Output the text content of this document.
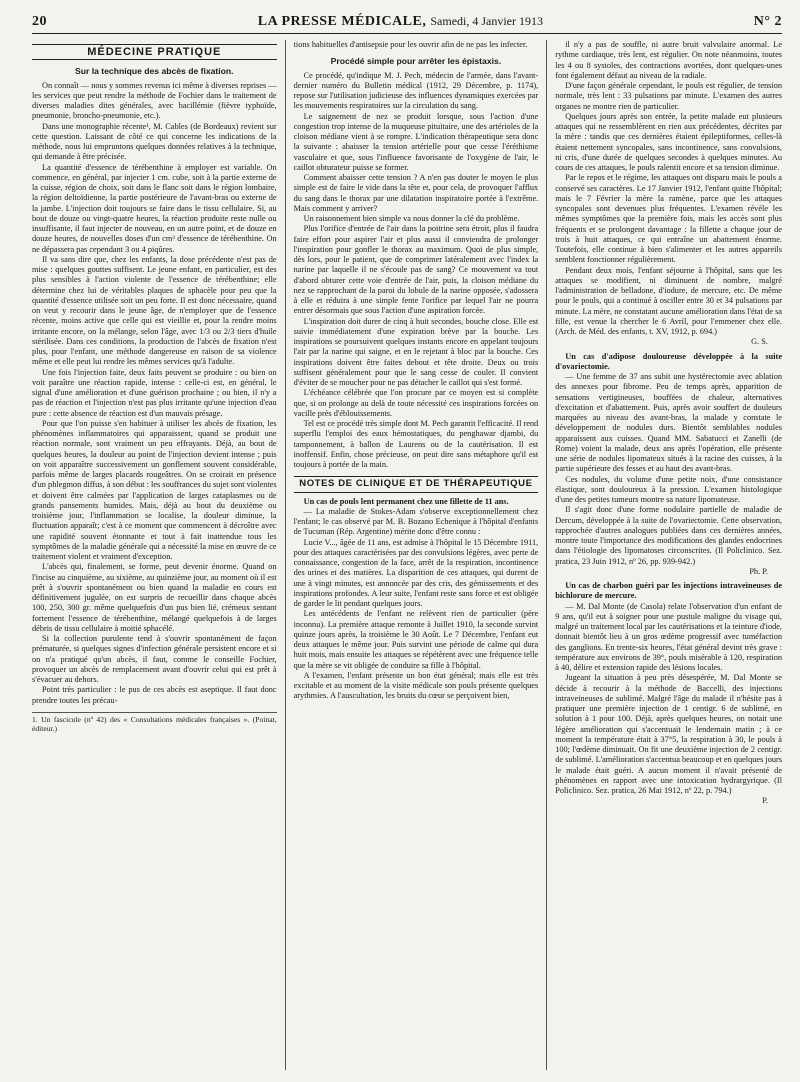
20	LA PRESSE MÉDICALE, Samedi, 4 Janvier 1913	N° 2
MÉDECINE PRATIQUE
Sur la technique des abcès de fixation.

On connaît — nous y sommes revenus ici même à diverses reprises — les services que peut rendre la méthode de Fochier dans le traitement de diverses maladies dites générales, avec bacillémie (fièvre typhoïde, pneumonie, broncho-pneumonie, etc.).

Dans une monographie récente¹, M. Cables (de Bordeaux) revient sur cette question. Laissant de côté ce qui concerne les indications de la méthode, nous lui empruntons quelques données relatives à la technique, qui demande à être précisée.

La quantité d'essence de térébenthine à employer est variable. On commence, en général, par injecter 1 cm. cube, soit à la partie externe de la cuisse, région de choix, soit dans le flanc soit dans le région lombaire, la région deltoïdienne, la partie postérieure de l'avant-bras ou externe de la jambe. L'injection doit toujours se faire dans le tissu cellulaire. Si, au bout de douze ou vingt-quatre heures, la réaction produite reste nulle ou insuffisante, il faut injecter de nouveau, en un autre point, et de douze en douze heures, de nouvelles doses d'un cm³ d'essence de térébenthine. On ne dépassera pas cependant 3 ou 4 piqûres.

Il va sans dire que, chez les enfants, la dose précédente n'est pas de mise : quelques gouttes suffisent. Le jeune enfant, en particulier, est des plus sensibles à l'action violente de l'essence de térébenthine; elle détermine chez lui de véritables plaques de sphacèle pour peu que la quantité d'essence utilisée soit un peu forte. Il est donc nécessaire, quand on veut y recourir dans le jeune âge, de n'employer que de l'essence récente, moins active que celle qui est vieillie et, pour la rendre moins irritante encore, on la mélange, selon l'âge, avec 1/3 ou 2/3 tiers d'huile stérilisée. Dans ces conditions, la production de l'abcès de fixation n'est plus, pour l'enfant, une méthode dangereuse en raison de sa violence même et elle peut lui rendre les mêmes services qu'à l'adulte.

Une fois l'injection faite, deux faits peuvent se produire : ou bien on voit paraître une réaction rapide, intense : celle-ci est, en général, le signal d'une amélioration et d'une guérison prochaine ; ou bien, il n'y a pas de réaction et l'injection n'est pas plus irritante qu'une injection d'eau pure : cette absence de réaction est d'un mauvais présage.

Pour que l'on puisse s'en habituer à utiliser les abcès de fixation, les phénomènes inflammatoires qui apparaissent, quand se produit une réaction normale, sont vraiment un peu effrayants. Déjà, au bout de quelques heures, la douleur au point de l'injection devient intense ; puis on voit apparaître successivement un gonflement souvent considérable, parfois même de larges placards rougeâtres. On se croirait en présence d'un phlegmon diffus, à son début : les souffrances du sujet sont violentes et doivent être calmées par l'application de larges cataplasmes ou de grands pansements humides. Mais, déjà au bout du deuxième ou troisième jour, l'inflammation se localise, la douleur diminue, la fluctuation apparaît; c'est à ce moment que commencent à décroître avec une rapidité souvent étonnante et tout à fait inattendue tous les symptômes de la maladie générale qui a nécessité la mise en œuvre de ce traitement violent et vraiment d'exception.

L'abcès qui, finalement, se forme, peut devenir énorme. Quand on l'incise au cinquième, au sixième, au quinzième jour, au moment où il est prêt à s'ouvrir spontanément ou bien quand la maladie en cours est définitivement jugulée, on est surpris de recueillir dans chaque abcès 100, 250, 300 gr. même quelquefois d'un pus bien lié, crémeux sentant fortement l'essence de térébenthine, mélangé quelquefois à de larges débris de tissu cellulaire à moitié sphacélé.

Si la collection purulente tend à s'ouvrir spontanément de façon prématurée, si quelques signes d'infection générale persistent encore et si on n'a pratiqué qu'un abcès, il faut, comme le conseille Fochier, provoquer un abcès de remplacement avant d'ouvrir celui qui est prêt à s'évacuer au dehors.

Point très particulier : le pus de ces abcès est aseptique. Il faut donc prendre toutes les précau-

1. Un fascicule (nº 42) des « Consultations médicales françaises ». (Poinat, éditeur.)

tions habituelles d'antisepsie pour les ouvrir afin de ne pas les infecter.

Procédé simple pour arrêter les épistaxis.

Ce procédé, qu'indique M. J. Pech, médecin de l'armée, dans l'avant-dernier numéro du Bulletin médical (1912, 29 Décembre, p. 1174), repose sur l'utilisation judicieuse des influences dynamiques exercées par les mouvements respiratoires sur la circulation du sang.

Le saignement de nez se produit lorsque, sous l'action d'une congestion trop intense de la muqueuse pituitaire, une des artérioles de la cloison médiane vient à se rompre. L'indication thérapeutique sera donc la suivante : abaisser la tension artérielle pour que cesse l'éréthisme vasculaire et que, sous l'influence favorisante de l'oxygène de l'air, le caillot obturateur puisse se former.

Comment abaisser cette tension ? A n'en pas douter le moyen le plus simple est de faire le vide dans la tête et, pour cela, de provoquer l'afflux du sang dans le thorax par une dilatation inspiratoire portée à l'extrême. Mais comment y arriver?

Un raisonnement bien simple va nous donner la clé du problème.

Plus l'orifice d'entrée de l'air dans la poitrine sera étroit, plus il faudra faire effort pour aspirer l'air et plus aussi il conviendra de prolonger l'inspiration pour gonfler le thorax au maximum. Quoi de plus simple, dès lors, pour le patient, que de comprimer latéralement avec l'index la narine par laquelle il ne s'écoule pas de sang? Ce mouvement va tout d'abord obturer cette voie d'entrée de l'air, puis, la cloison médiane du nez se rapprochant de la paroi du lobule de la narine opposée, s'adossera à elle et réduira à une simple fente l'orifice par lequel l'air ne pourra entrer désormais que sous l'action d'une aspiration forcée.

L'inspiration doit durer de cinq à huit secondes, bouche close. Elle est suivie immédiatement d'une expiration brève par la bouche. Les inspirations se poursuivent quelques instants encore en appelant toujours l'air par la narine qui saigne, et en le rejetant à bloc par la bouche. Ces inspirations doivent être faites debout et tête droite. Deux ou trois suffisent généralement pour que le sang cesse de couler. Il convient d'éviter de se moucher pour ne pas détacher le caillot qui s'est formé.

L'échéance célébrée que l'on procure par ce moyen est si complète que, si on prolonge au delà de toute nécessité ces inspirations forcées on vacille près d'éblouissements.

Tel est ce procédé très simple dont M. Pech garantit l'efficacité. Il rend superflu l'emploi des eaux hémostatiques, du penghawar djambi, du tamponnement, à ballon de Laurens ou de la cautérisation. Il est inoffensif. Enfin, chose précieuse, on peut dire sans métaphore qu'il est toujours à portée de la main.

NOTES DE CLINIQUE ET DE THÉRAPEUTIQUE

Un cas de pouls lent permanent chez une fillette de 11 ans.

— La maladie de Stokes-Adam s'observe exceptionnellement chez l'enfant; le cas observé par M. B. Bozano Echenique à l'hôpital d'enfants de Tucuman (Rép. Argentine) mérite donc d'être connu :

Lucie V..., âgée de 11 ans, est admise à l'hôpital le 15 Décembre 1911, pour des attaques caractérisées par des convulsions légères, avec perte de connaissance, congestion de la face, arrêt de la respiration, incontinence des urines et des matières. La disparition de ces attaques, qui durent de une à vingt minutes, est annoncée par des cris, des gémissements et des inspirations profondes. A leur suite, l'enfant reste sans force et est obligée de garder le lit pendant quelques jours.

Les antécédents de l'enfant ne relèvent rien de particulier (père inconnu). La première attaque remonte à Juillet 1910, la seconde survint quinze jours après, la troisième le 30 Août. Le 7 Décembre, l'enfant eut deux attaques le même jour. Puis survint une période de calme qui dura huit mois, mais ensuite les attaques se répétèrent avec une fréquence telle que la mère se vit obligée de conduire sa fille à l'hôpital.

A l'examen, l'enfant présente un bon état général; mais elle est très excitable et au moment de la visite médicale son pouls présente quelques arythmies. A l'auscultation, les bruits du cœur se perçoivent bien,

il n'y a pas de souffle, ni autre bruit valvulaire anormal. Le rythme cardiaque, très lent, est régulier. On note néanmoins, toutes les 4 ou 8 systoles, des contractions avortées, dont quelques-unes font également défaut au niveau de la radiale.

D'une façon générale cependant, le pouls est régulier, de tension normale, très lent : 33 pulsations par minute. L'examen des autres organes ne montre rien de particulier.

Quelques jours après son entrée, la petite malade eut plusieurs attaques qui ne ressemblèrent en rien aux précédentes, décrites par la mère : tandis que ces dernières étaient épileptiformes, celles-là étaient nettement syncopales, sans incontinence, sans convulsions, ni cris, d'une durée de quelques secondes à quelques minutes. Au cours de ces attaques, le pouls ralentit encore et sa tension diminue.

Par le repos et le régime, les attaques ont disparu mais le pouls a conservé ses caractères. Le 17 Janvier 1912, l'enfant quitte l'hôpital; mais le 7 Février la mère la ramène, parce que les attaques syncopales sont devenues plus fréquentes. L'examen révèle les mêmes symptômes que la première fois, mais les accès sont plus fréquents et se prolongent davantage : la fillette a chaque jour de trois à huit attaques, ce qui entraîne un abattement énorme. Toutefois, elle continue à bien s'alimenter et les autres appareils semblent fonctionner régulièrement.

Pendant deux mois, l'enfant séjourne à l'hôpital, sans que les attaques se modifient, ni diminuent de nombre, malgré l'administration de belladone, d'iodure, de mercure, etc. De même pour le pouls, qui a continué à osciller entre 30 et 34 pulsations par minute. La mère, ne constatant aucune amélioration dans l'état de sa fille, est venue la chercher le 6 Avril, pour l'emmener chez elle. (Arch. de Méd. des enfants, t. XV, 1912, p. 694.)

G. S.

Un cas d'adipose douloureuse développée à la suite d'ovariectomie.

— Une femme de 37 ans subit une hystérectomie avec ablation des annexes pour fibrome. Peu de temps après, apparition de sensations vertigineuses, bouffées de chaleur, alternatives d'excitation et d'abattement. Puis, après avoir souffert de douleurs marquées au niveau des avant-bras, la malade y constate le développement de nodules durs. Bientôt semblables nodules apparaissent aux cuisses. Quand MM. Sabatucci et Zanelli (de Rome) voient la malade, deux ans après l'opération, elle présente une série de nodules lipomateux situés à la racine des cuisses, à la partie supérieure des fesses et au haut des avant-bras.

Ces nodules, du volume d'une petite noix, d'une consistance élastique, sont douloureux à la pression. L'examen histologique d'une des petites tumeurs montre sa nature lipomateuse.

Il s'agit donc d'une forme nodulaire partielle de maladie de Dercum, développée à la suite de l'ovariectomie. Cette observation, rapprochée d'autres analogues publiées dans ces dernières années, montre toute l'importance des modifications des glandes endocrines dans l'étiologie des lipomatoses circonscrites. (Il Policlinico. Sez. pratica, 23 Juin 1912, nº 26, pp. 939-942.)

Ph. P.

Un cas de charbon guéri par les injections intraveineuses de bichlorure de mercure.

— M. Dal Monte (de Casola) relate l'observation d'un enfant de 9 ans, qu'il eut à soigner pour une pustule maligne du visage qui, malgré un traitement local par les cautérisations et la teinture d'iode, donnait bientôt lieu à un gros œdème progressif avec tuméfaction des ganglions. En trente-six heures, l'état général devint très grave : température aux environs de 39°, pouls misérable à 120, respiration à 40, délire et extension rapide des lésions locales.

Jugeant la situation à peu près désespérée, M. Dal Monte se décide à recourir à la méthode de Baccelli, des injections intraveineuses de sublimé. Malgré l'âge du malade il n'hésite pas à pratiquer une première injection de 1 centigr. 6 de sublimé, en solution à 1 pour 100. Déjà, après quelques heures, on notait une légère amélioration qui s'accentuait le lendemain matin ; à ce moment la température était à 37°5, la respiration à 30, le pouls à 100; l'œdème diminuait. On fit une deuxième injection de 2 centigr. de sublimé. L'amélioration s'accentua beaucoup et en quelques jours le malade était guéri. A aucun moment il n'avait présenté de phénomènes en rapport avec une intoxication hydrargyrique. (Il Policlinico. Sez. pratica, 26 Mai 1912, nº 22, p. 794.)

P.
